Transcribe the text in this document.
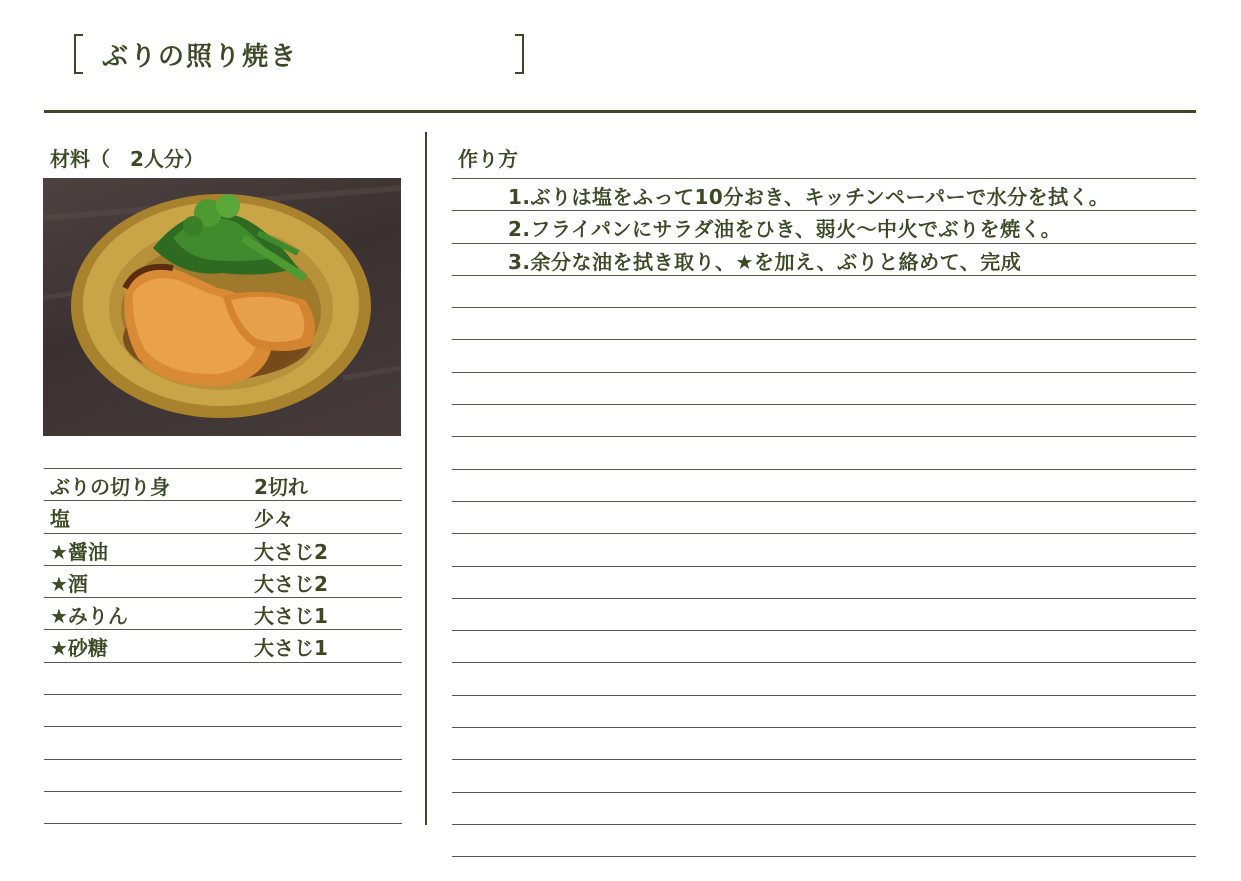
ぶりの照り焼き
材料（　2人分）	作り方
ぶりの切り身	2切れ
塩	少々
★醤油	大さじ2
★酒	大さじ2
★みりん	大さじ1
★砂糖	大さじ1
1.ぶりは塩をふって10分おき、キッチンペーパーで水分を拭く。
2.フライパンにサラダ油をひき、弱火～中火でぶりを焼く。
3.余分な油を拭き取り、★を加え、ぶりと絡めて、完成
